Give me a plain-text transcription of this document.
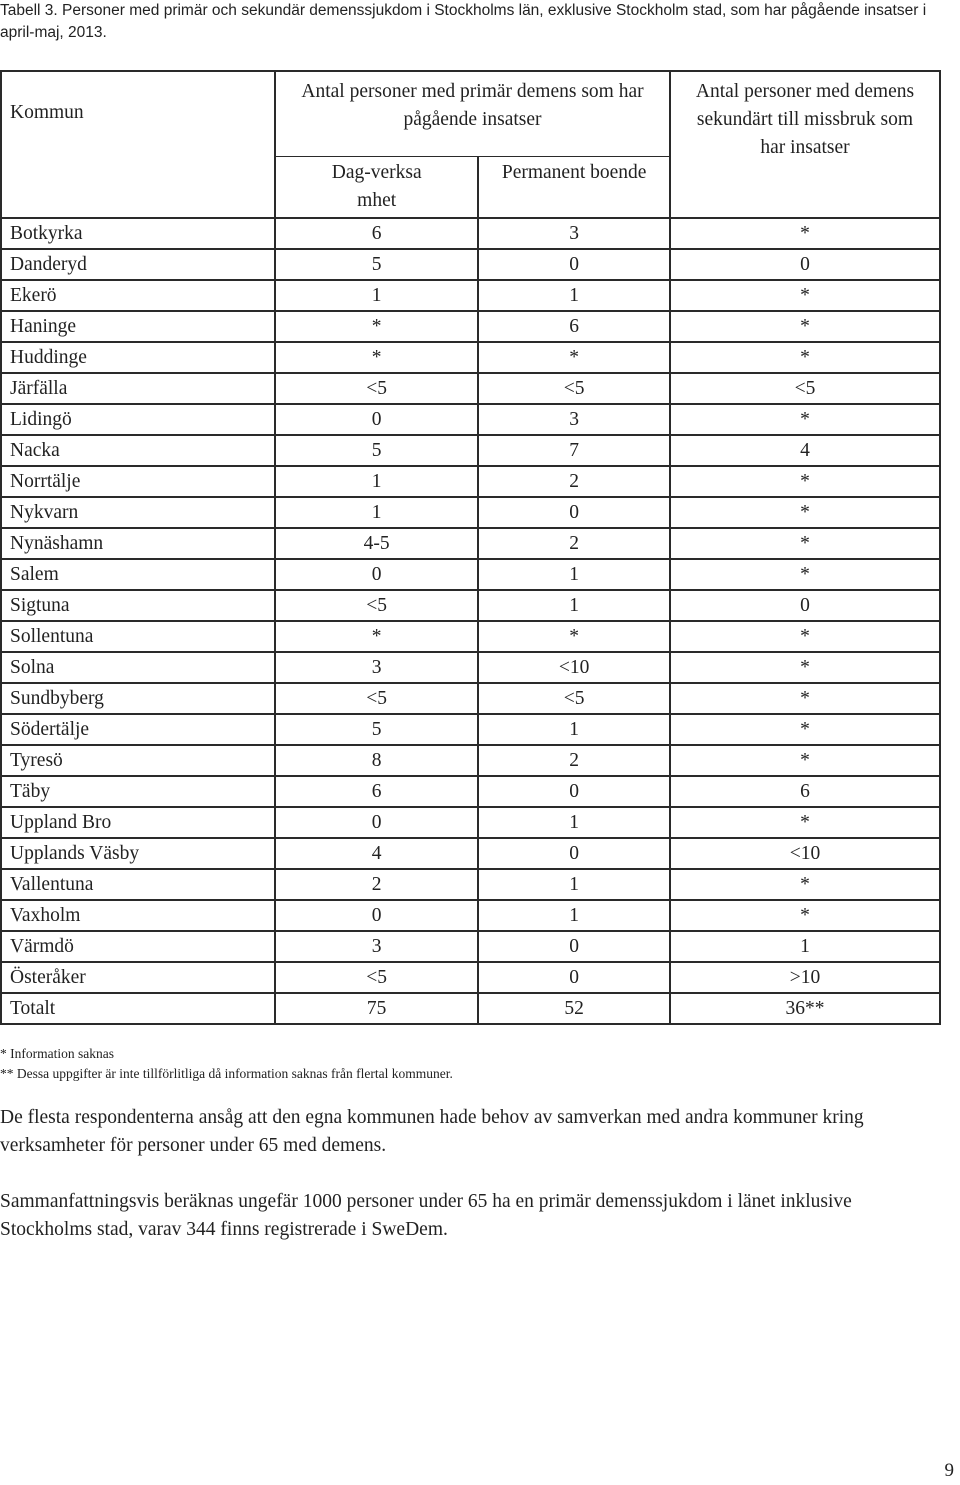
Tabell 3. Personer med primär och sekundär demenssjukdom i Stockholms län, exklusive Stockholm stad, som har pågående insatser i april-maj, 2013.
Kommun	Antal personer med primär demens som har pågående insatser		Antal personer med demens sekundärt till missbruk som har insatser
	Dag-verksamhet	Permanent boende	
Botkyrka	6	3	*
Danderyd	5	0	0
Ekerö	1	1	*
Haninge	*	6	*
Huddinge	*	*	*
Järfälla	<5	<5	<5
Lidingö	0	3	*
Nacka	5	7	4
Norrtälje	1	2	*
Nykvarn	1	0	*
Nynäshamn	4-5	2	*
Salem	0	1	*
Sigtuna	<5	1	0
Sollentuna	*	*	*
Solna	3	<10	*
Sundbyberg	<5	<5	*
Södertälje	5	1	*
Tyresö	8	2	*
Täby	6	0	6
Uppland Bro	0	1	*
Upplands Väsby	4	0	<10
Vallentuna	2	1	*
Vaxholm	0	1	*
Värmdö	3	0	1
Österåker	<5	0	>10
Totalt	75	52	36**
* Information saknas
** Dessa uppgifter är inte tillförlitliga då information saknas från flertal kommuner.
De flesta respondenterna ansåg att den egna kommunen hade behov av samverkan med andra kommuner kring verksamheter för personer under 65 med demens.
Sammanfattningsvis beräknas ungefär 1000 personer under 65 ha en primär demenssjukdom i länet inklusive Stockholms stad, varav 344 finns registrerade i SweDem.
9
